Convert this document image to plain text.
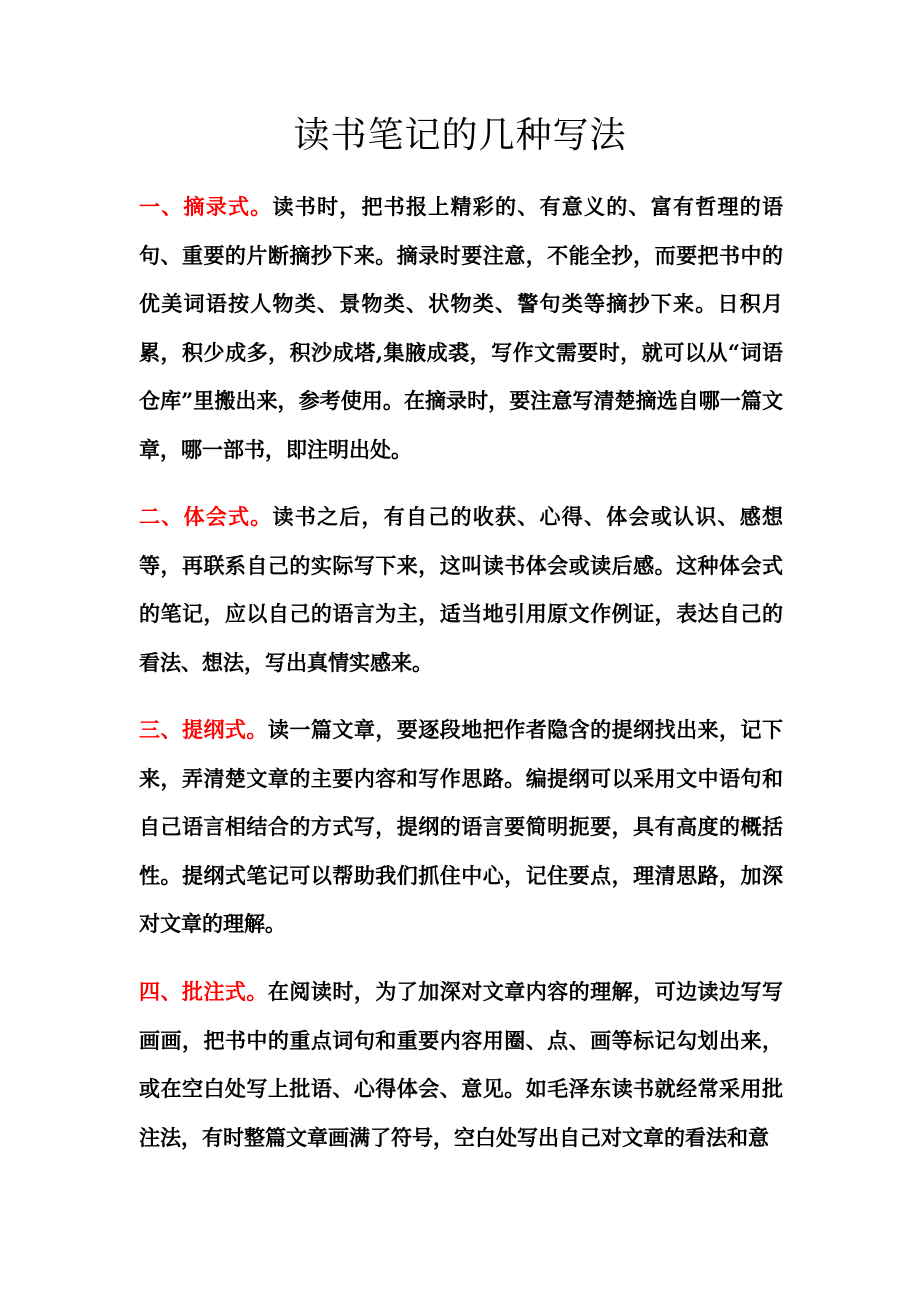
读书笔记的几种写法

一、摘录式。读书时，把书报上精彩的、有意义的、富有哲理的语句、重要的片断摘抄下来。摘录时要注意，不能全抄，而要把书中的优美词语按人物类、景物类、状物类、警句类等摘抄下来。日积月累，积少成多，积沙成塔,集腋成裘，写作文需要时，就可以从“词语仓库”里搬出来，参考使用。在摘录时，要注意写清楚摘选自哪一篇文章，哪一部书，即注明出处。

二、体会式。读书之后，有自己的收获、心得、体会或认识、感想等，再联系自己的实际写下来，这叫读书体会或读后感。这种体会式的笔记，应以自己的语言为主，适当地引用原文作例证，表达自己的看法、想法，写出真情实感来。

三、提纲式。读一篇文章，要逐段地把作者隐含的提纲找出来，记下来，弄清楚文章的主要内容和写作思路。编提纲可以采用文中语句和自己语言相结合的方式写，提纲的语言要简明扼要，具有高度的概括性。提纲式笔记可以帮助我们抓住中心，记住要点，理清思路，加深对文章的理解。

四、批注式。在阅读时，为了加深对文章内容的理解，可边读边写写画画，把书中的重点词句和重要内容用圈、点、画等标记勾划出来，或在空白处写上批语、心得体会、意见。如毛泽东读书就经常采用批注法，有时整篇文章画满了符号，空白处写出自己对文章的看法和意
